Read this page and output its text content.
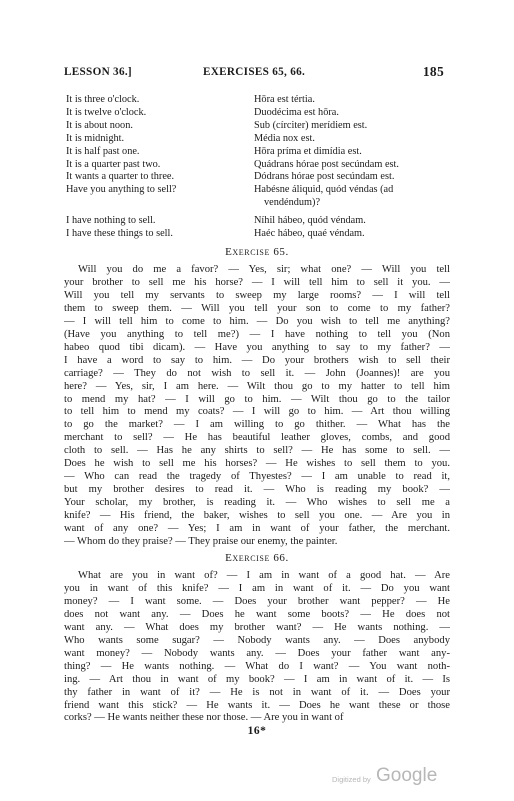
LESSON 36.]	EXERCISES 65, 66.	185
It is three o'clock.	Hōra est tértia.
It is twelve o'clock.	Duodécima est hōra.
It is about noon.	Sub (círciter) merídiem est.
It is midnight.	Média nox est.
It is half past one.	Hōra príma et dimídia est.
It is a quarter past two.	Quádrans hórae post secúndam est.
It wants a quarter to three.	Dódrans hórae post secúndam est.
Have you anything to sell?	Habésne áliquid, quód véndas (ad
vendéndum)?
I have nothing to sell.	Níhil hábeo, quód véndam.
I have these things to sell.	Haéc hábeo, quaé véndam.
Exercise 65.
Will you do me a favor? — Yes, sir; what one? — Will you tell
your brother to sell me his horse? — I will tell him to sell it you. —
Will you tell my servants to sweep my large rooms? — I will tell
them to sweep them. — Will you tell your son to come to my father?
— I will tell him to come to him. — Do you wish to tell me anything?
(Have you anything to tell me?) — I have nothing to tell you (Non
habeo quod tibi dicam). — Have you anything to say to my father? —
I have a word to say to him. — Do your brothers wish to sell their
carriage? — They do not wish to sell it. — John (Joannes)! are you
here? — Yes, sir, I am here. — Wilt thou go to my hatter to tell him
to mend my hat? — I will go to him. — Wilt thou go to the tailor
to tell him to mend my coats? — I will go to him. — Art thou willing
to go the market? — I am willing to go thither. — What has the
merchant to sell? — He has beautiful leather gloves, combs, and good
cloth to sell. — Has he any shirts to sell? — He has some to sell. —
Does he wish to sell me his horses? — He wishes to sell them to you.
— Who can read the tragedy of Thyestes? — I am unable to read it,
but my brother desires to read it. — Who is reading my book? —
Your scholar, my brother, is reading it. — Who wishes to sell me a
knife? — His friend, the baker, wishes to sell you one. — Are you in
want of any one? — Yes; I am in want of your father, the merchant.
— Whom do they praise? — They praise our enemy, the painter.
Exercise 66.
What are you in want of? — I am in want of a good hat. — Are
you in want of this knife? — I am in want of it. — Do you want
money? — I want some. — Does your brother want pepper? — He
does not want any. — Does he want some boots? — He does not
want any. — What does my brother want? — He wants nothing. —
Who wants some sugar? — Nobody wants any. — Does anybody
want money? — Nobody wants any. — Does your father want any-
thing? — He wants nothing. — What do I want? — You want noth-
ing. — Art thou in want of my book? — I am in want of it. — Is
thy father in want of it? — He is not in want of it. — Does your
friend want this stick? — He wants it. — Does he want these or those
corks? — He wants neither these nor those. — Are you in want of
16*
Digitized by Google
